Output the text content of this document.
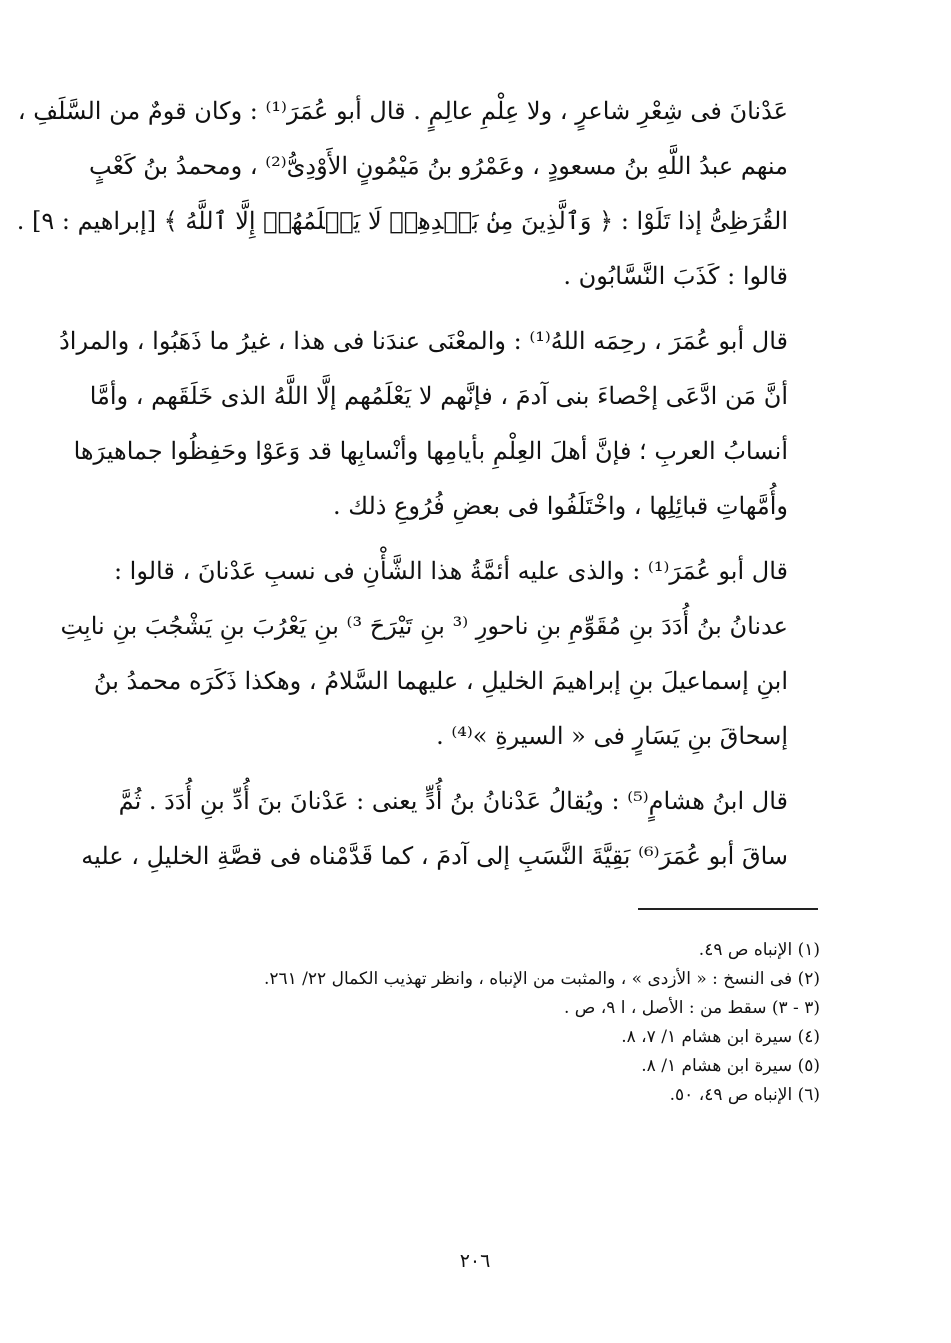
عَدْنانَ فى شِعْرِ شاعرٍ ، ولا عِلْمِ عالِمٍ . قال أبو عُمَرَ⁽¹⁾ : وكان قومٌ من السَّلَفِ ،
منهم عبدُ اللَّهِ بنُ مسعودٍ ، وعَمْرُو بنُ مَيْمُونٍ الأَوْدِىُّ⁽²⁾ ، ومحمدُ بنُ كَعْبٍ
القُرَظِىُّ إذا تَلَوْا : ﴿ وَٱلَّذِينَ مِنۢ بَعۡدِهِمۡ لَا يَعۡلَمُهُمۡ إِلَّا ٱللَّهُ ﴾ [إبراهيم : ٩] .
قالوا : كَذَبَ النَّسَّابُون .

قال أبو عُمَرَ ، رحِمَه اللهُ⁽¹⁾ : والمعْنَى عندَنا فى هذا ، غيرُ ما ذَهَبُوا ، والمرادُ
أنَّ مَن ادَّعَى إحْصاءَ بنى آدمَ ، فإنَّهم لا يَعْلَمُهم إلَّا اللَّهُ الذى خَلَقَهم ، وأمَّا
أنسابُ العربِ ؛ فإنَّ أهلَ العِلْمِ بأيامِها وأنْسابِها قد وَعَوْا وحَفِظُوا جماهيرَها
وأُمَّهاتِ قبائِلِها ، واخْتَلَفُوا فى بعضِ فُرُوعِ ذلك .

قال أبو عُمَرَ⁽¹⁾ : والذى عليه أئمَّةُ هذا الشَّأْنِ فى نسبِ عَدْنانَ ، قالوا :
عدنانُ بنُ أُدَدَ بنِ مُقَوِّمِ بنِ ناحورِ ⁽³ بنِ تَيْرَحَ ³⁾ بنِ يَعْرُبَ بنِ يَشْجُبَ بنِ نابِتِ
ابنِ إسماعيلَ بنِ إبراهيمَ الخليلِ ، عليهما السَّلامُ ، وهكذا ذَكَرَه محمدُ بنُ
إسحاقَ بنِ يَسَارٍ فى « السيرةِ »⁽⁴⁾ .

قال ابنُ هشامٍ⁽⁵⁾ : ويُقالُ عَدْنانُ بنُ أُدٍّ يعنى : عَدْنانَ بنَ أُدِّ بنِ أُدَدَ . ثُمَّ
ساقَ أبو عُمَرَ⁽⁶⁾ بَقِيَّةَ النَّسَبِ إلى آدمَ ، كما قَدَّمْناه فى قصَّةِ الخليلِ ، عليه

(١) الإنباه ص ٤٩.
(٢) فى النسخ : « الأزدى » ، والمثبت من الإنباه ، وانظر تهذيب الكمال ٢٢/ ٢٦١.
(٣ - ٣) سقط من : الأصل ، ا ٩، ص .
(٤) سيرة ابن هشام ١/ ٧، ٨.
(٥) سيرة ابن هشام ١/ ٨.
(٦) الإنباه ص ٤٩، ٥٠.
٢٠٦
